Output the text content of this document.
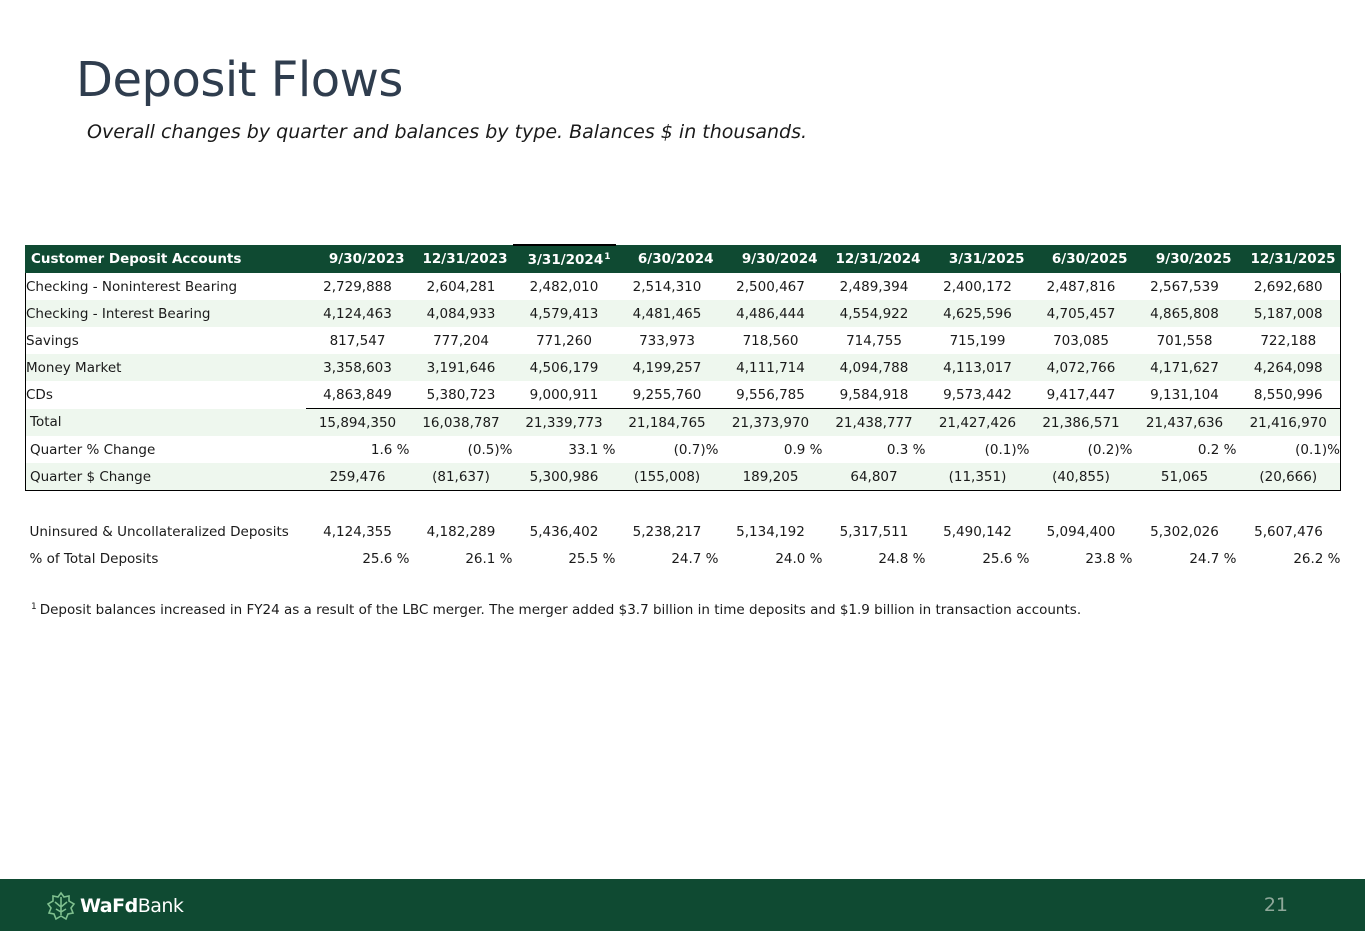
Deposit Flows
Overall changes by quarter and balances by type. Balances $ in thousands.
Customer Deposit Accounts	9/30/2023	12/31/2023	3/31/2024$^1$	6/30/2024	9/30/2024	12/31/2024	3/31/2025	6/30/2025	9/30/2025	12/31/2025
Checking - Noninterest Bearing	2,729,888	2,604,281	2,482,010	2,514,310	2,500,467	2,489,394	2,400,172	2,487,816	2,567,539	2,692,680
Checking - Interest Bearing	4,124,463	4,084,933	4,579,413	4,481,465	4,486,444	4,554,922	4,625,596	4,705,457	4,865,808	5,187,008
Savings	817,547	777,204	771,260	733,973	718,560	714,755	715,199	703,085	701,558	722,188
Money Market	3,358,603	3,191,646	4,506,179	4,199,257	4,111,714	4,094,788	4,113,017	4,072,766	4,171,627	4,264,098
CDs	4,863,849	5,380,723	9,000,911	9,255,760	9,556,785	9,584,918	9,573,442	9,417,447	9,131,104	8,550,996
Total	15,894,350	16,038,787	21,339,773	21,184,765	21,373,970	21,438,777	21,427,426	21,386,571	21,437,636	21,416,970
Quarter % Change	1.6 %	(0.5)%	33.1 %	(0.7)%	0.9 %	0.3 %	(0.1)%	(0.2)%	0.2 %	(0.1)%
Quarter $ Change	259,476	(81,637)	5,300,986	(155,008)	189,205	64,807	(11,351)	(40,855)	51,065	(20,666)

Uninsured & Uncollateralized Deposits	4,124,355	4,182,289	5,436,402	5,238,217	5,134,192	5,317,511	5,490,142	5,094,400	5,302,026	5,607,476
% of Total Deposits	25.6 %	26.1 %	25.5 %	24.7 %	24.0 %	24.8 %	25.6 %	23.8 %	24.7 %	26.2 %
$^1$ Deposit balances increased in FY24 as a result of the LBC merger. The merger added $3.7 billion in time deposits and $1.9 billion in transaction accounts.
WaFdBank	21
